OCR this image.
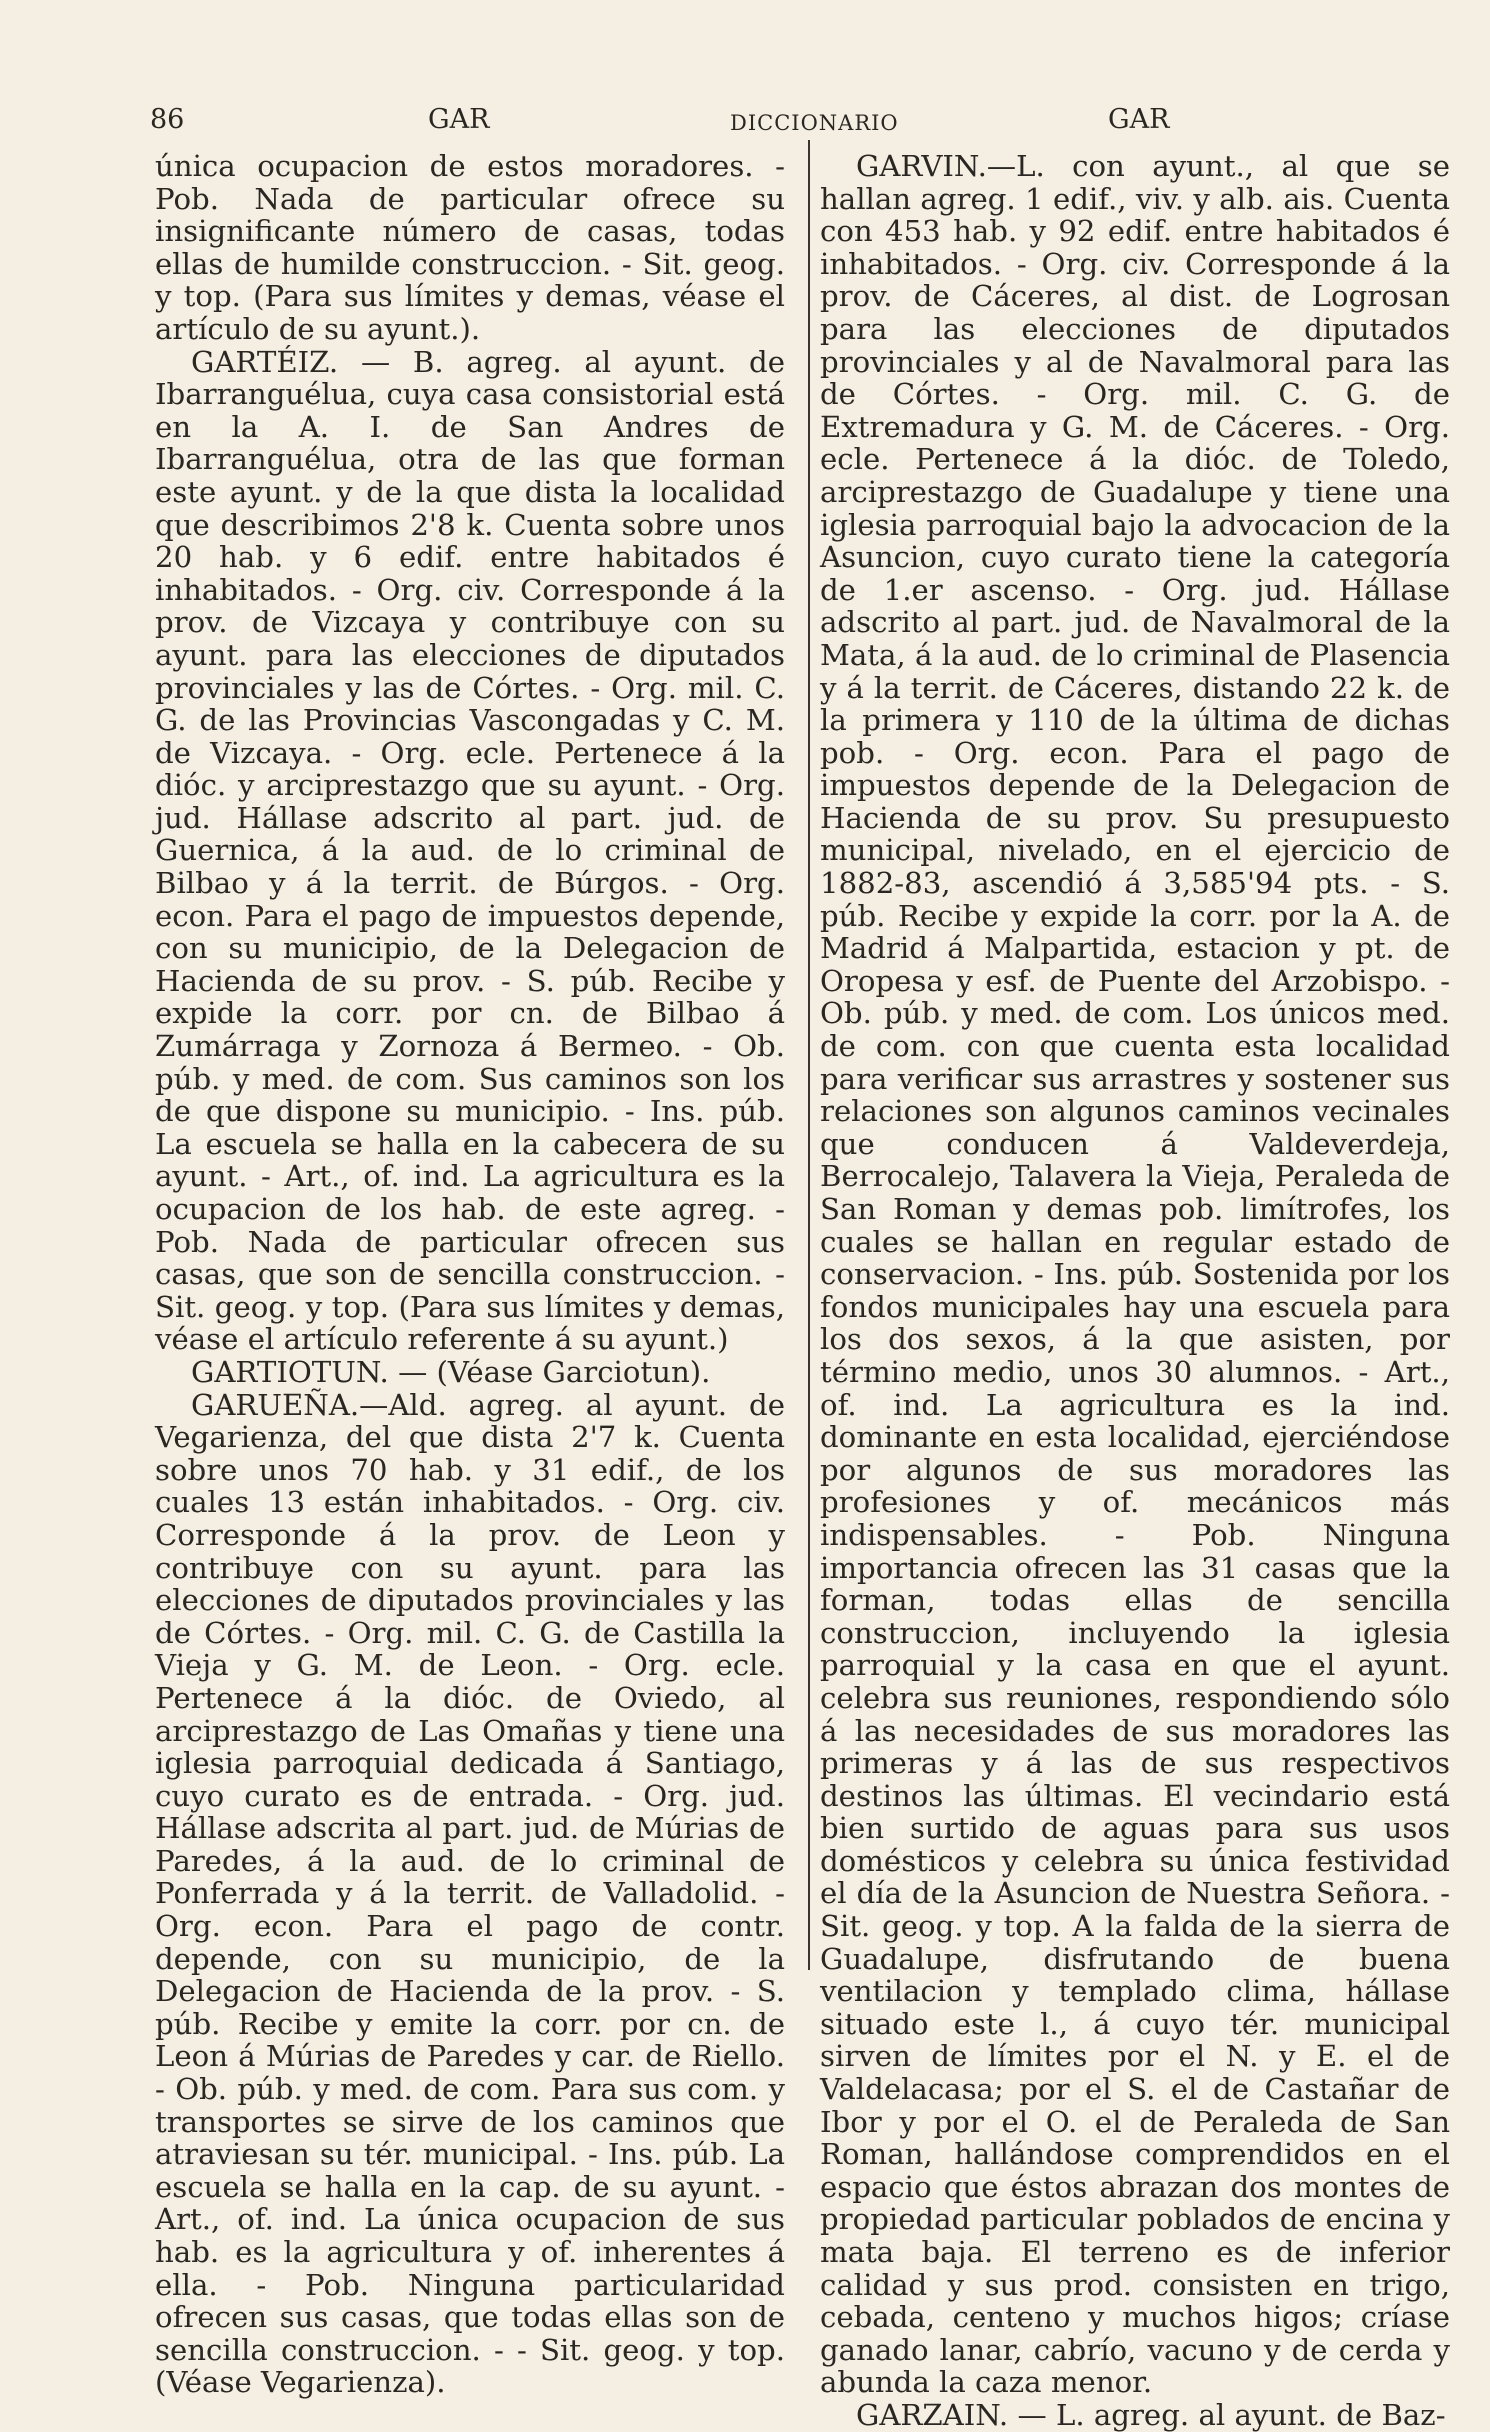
86	GAR	DICCIONARIO	GAR

única ocupacion de estos moradores. - Pob. Nada de particular ofrece su insignificante número de casas, todas ellas de humilde construccion. - Sit. geog. y top. (Para sus límites y demas, véase el artículo de su ayunt.).

GARTÉIZ. — B. agreg. al ayunt. de Ibarranguélua, cuya casa consistorial está en la A. I. de San Andres de Ibarranguélua, otra de las que forman este ayunt. y de la que dista la localidad que describimos 2'8 k. Cuenta sobre unos 20 hab. y 6 edif. entre habitados é inhabitados. - Org. civ. Corresponde á la prov. de Vizcaya y contribuye con su ayunt. para las elecciones de diputados provinciales y las de Córtes. - Org. mil. C. G. de las Provincias Vascongadas y C. M. de Vizcaya. - Org. ecle. Pertenece á la dióc. y arciprestazgo que su ayunt. - Org. jud. Hállase adscrito al part. jud. de Guernica, á la aud. de lo criminal de Bilbao y á la territ. de Búrgos. - Org. econ. Para el pago de impuestos depende, con su municipio, de la Delegacion de Hacienda de su prov. - S. púb. Recibe y expide la corr. por cn. de Bilbao á Zumárraga y Zornoza á Bermeo. - Ob. púb. y med. de com. Sus caminos son los de que dispone su municipio. - Ins. púb. La escuela se halla en la cabecera de su ayunt. - Art., of. ind. La agricultura es la ocupacion de los hab. de este agreg. - Pob. Nada de particular ofrecen sus casas, que son de sencilla construccion. - Sit. geog. y top. (Para sus límites y demas, véase el artículo referente á su ayunt.)

GARTIOTUN. — (Véase Garciotun).

GARUEÑA.—Ald. agreg. al ayunt. de Vegarienza, del que dista 2'7 k. Cuenta sobre unos 70 hab. y 31 edif., de los cuales 13 están inhabitados. - Org. civ. Corresponde á la prov. de Leon y contribuye con su ayunt. para las elecciones de diputados provinciales y las de Córtes. - Org. mil. C. G. de Castilla la Vieja y G. M. de Leon. - Org. ecle. Pertenece á la dióc. de Oviedo, al arciprestazgo de Las Omañas y tiene una iglesia parroquial dedicada á Santiago, cuyo curato es de entrada. - Org. jud. Hállase adscrita al part. jud. de Múrias de Paredes, á la aud. de lo criminal de Ponferrada y á la territ. de Valladolid. - Org. econ. Para el pago de contr. depende, con su municipio, de la Delegacion de Hacienda de la prov. - S. púb. Recibe y emite la corr. por cn. de Leon á Múrias de Paredes y car. de Riello. - Ob. púb. y med. de com. Para sus com. y transportes se sirve de los caminos que atraviesan su tér. municipal. - Ins. púb. La escuela se halla en la cap. de su ayunt. - Art., of. ind. La única ocupacion de sus hab. es la agricultura y of. inherentes á ella. - Pob. Ninguna particularidad ofrecen sus casas, que todas ellas son de sencilla construccion. - - Sit. geog. y top. (Véase Vegarienza).

GARVIN.—L. con ayunt., al que se hallan agreg. 1 edif., viv. y alb. ais. Cuenta con 453 hab. y 92 edif. entre habitados é inhabitados. - Org. civ. Corresponde á la prov. de Cáceres, al dist. de Logrosan para las elecciones de diputados provinciales y al de Navalmoral para las de Córtes. - Org. mil. C. G. de Extremadura y G. M. de Cáceres. - Org. ecle. Pertenece á la dióc. de Toledo, arciprestazgo de Guadalupe y tiene una iglesia parroquial bajo la advocacion de la Asuncion, cuyo curato tiene la categoría de 1.er ascenso. - Org. jud. Hállase adscrito al part. jud. de Navalmoral de la Mata, á la aud. de lo criminal de Plasencia y á la territ. de Cáceres, distando 22 k. de la primera y 110 de la última de dichas pob. - Org. econ. Para el pago de impuestos depende de la Delegacion de Hacienda de su prov. Su presupuesto municipal, nivelado, en el ejercicio de 1882-83, ascendió á 3,585'94 pts. - S. púb. Recibe y expide la corr. por la A. de Madrid á Malpartida, estacion y pt. de Oropesa y esf. de Puente del Arzobispo. - Ob. púb. y med. de com. Los únicos med. de com. con que cuenta esta localidad para verificar sus arrastres y sostener sus relaciones son algunos caminos vecinales que conducen á Valdeverdeja, Berrocalejo, Talavera la Vieja, Peraleda de San Roman y demas pob. limítrofes, los cuales se hallan en regular estado de conservacion. - Ins. púb. Sostenida por los fondos municipales hay una escuela para los dos sexos, á la que asisten, por término medio, unos 30 alumnos. - Art., of. ind. La agricultura es la ind. dominante en esta localidad, ejerciéndose por algunos de sus moradores las profesiones y of. mecánicos más indispensables. - Pob. Ninguna importancia ofrecen las 31 casas que la forman, todas ellas de sencilla construccion, incluyendo la iglesia parroquial y la casa en que el ayunt. celebra sus reuniones, respondiendo sólo á las necesidades de sus moradores las primeras y á las de sus respectivos destinos las últimas. El vecindario está bien surtido de aguas para sus usos domésticos y celebra su única festividad el día de la Asuncion de Nuestra Señora. - Sit. geog. y top. A la falda de la sierra de Guadalupe, disfrutando de buena ventilacion y templado clima, hállase situado este l., á cuyo tér. municipal sirven de límites por el N. y E. el de Valdelacasa; por el S. el de Castañar de Ibor y por el O. el de Peraleda de San Roman, hallándose comprendidos en el espacio que éstos abrazan dos montes de propiedad particular poblados de encina y mata baja. El terreno es de inferior calidad y sus prod. consisten en trigo, cebada, centeno y muchos higos; críase ganado lanar, cabrío, vacuno y de cerda y abunda la caza menor.

GARZAIN. — L. agreg. al ayunt. de Baz-
